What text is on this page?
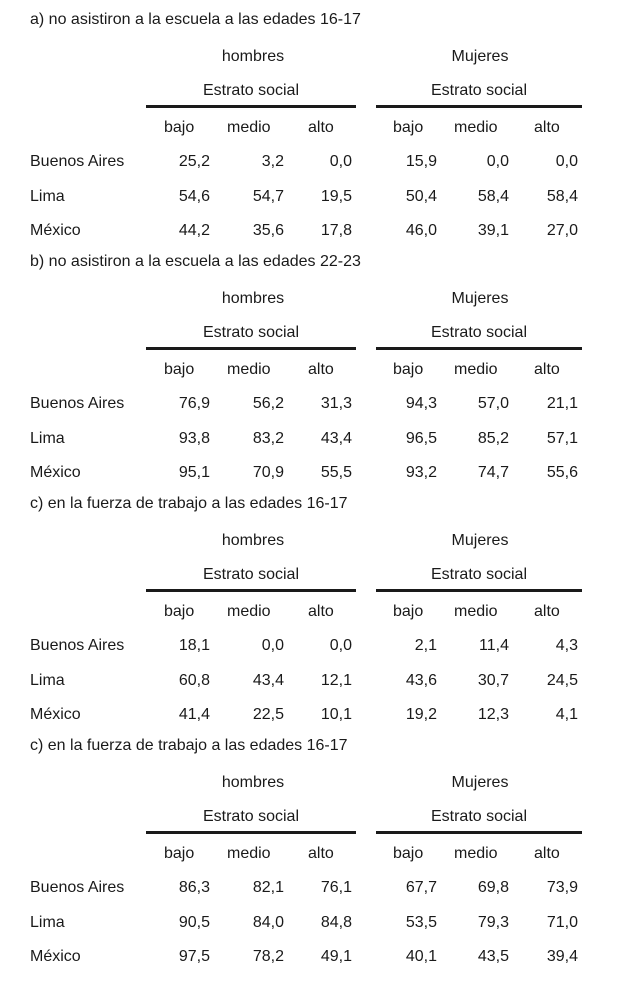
a) no asistiron a la escuela a las edades 16-17
hombres	Mujeres
Estrato social	Estrato social
bajo medio alto	bajo medio alto
Buenos Aires	25,2	3,2	0,0	15,9	0,0	0,0
Lima	54,6	54,7	19,5	50,4	58,4	58,4
México	44,2	35,6	17,8	46,0	39,1	27,0
b) no asistiron a la escuela a las edades 22-23
hombres	Mujeres
Estrato social	Estrato social
bajo medio alto	bajo medio alto
Buenos Aires	76,9	56,2	31,3	94,3	57,0	21,1
Lima	93,8	83,2	43,4	96,5	85,2	57,1
México	95,1	70,9	55,5	93,2	74,7	55,6
c) en la fuerza de trabajo a las edades 16-17
hombres	Mujeres
Estrato social	Estrato social
bajo medio alto	bajo medio alto
Buenos Aires	18,1	0,0	0,0	2,1	11,4	4,3
Lima	60,8	43,4	12,1	43,6	30,7	24,5
México	41,4	22,5	10,1	19,2	12,3	4,1
c) en la fuerza de trabajo a las edades 16-17
hombres	Mujeres
Estrato social	Estrato social
bajo medio alto	bajo medio alto
Buenos Aires	86,3	82,1	76,1	67,7	69,8	73,9
Lima	90,5	84,0	84,8	53,5	79,3	71,0
México	97,5	78,2	49,1	40,1	43,5	39,4
